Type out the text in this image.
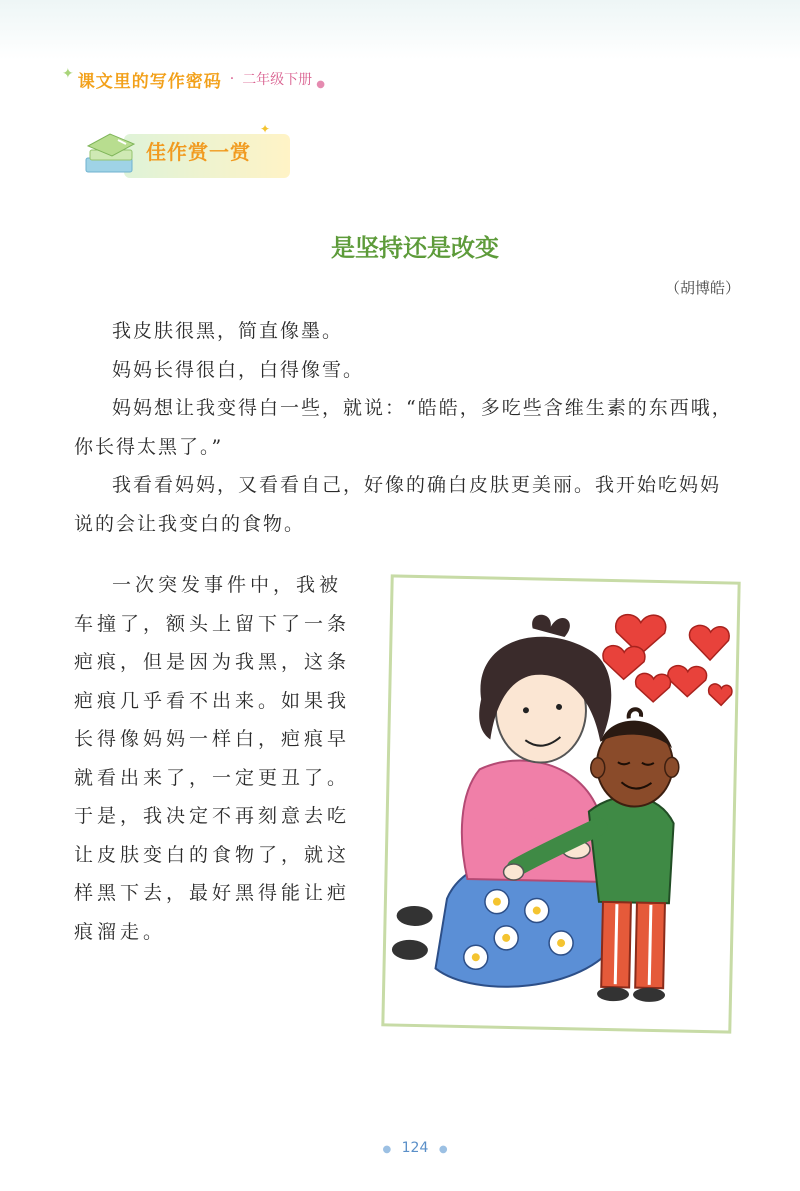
✦ 课文里的写作密码 · 二年级下册 ●
佳作赏一赏
✦
是坚持还是改变
（胡博皓）

我皮肤很黑，简直像墨。

妈妈长得很白，白得像雪。

妈妈想让我变得白一些，就说：“皓皓，多吃些含维生素的东西哦，你长得太黑了。”

我看看妈妈，又看看自己，好像的确白皮肤更美丽。我开始吃妈妈说的会让我变白的食物。

一次突发事件中，我被车撞了，额头上留下了一条疤痕，但是因为我黑，这条疤痕几乎看不出来。如果我长得像妈妈一样白，疤痕早就看出来了，一定更丑了。于是，我决定不再刻意去吃让皮肤变白的食物了，就这样黑下去，最好黑得能让疤痕溜走。

● 124 ●
